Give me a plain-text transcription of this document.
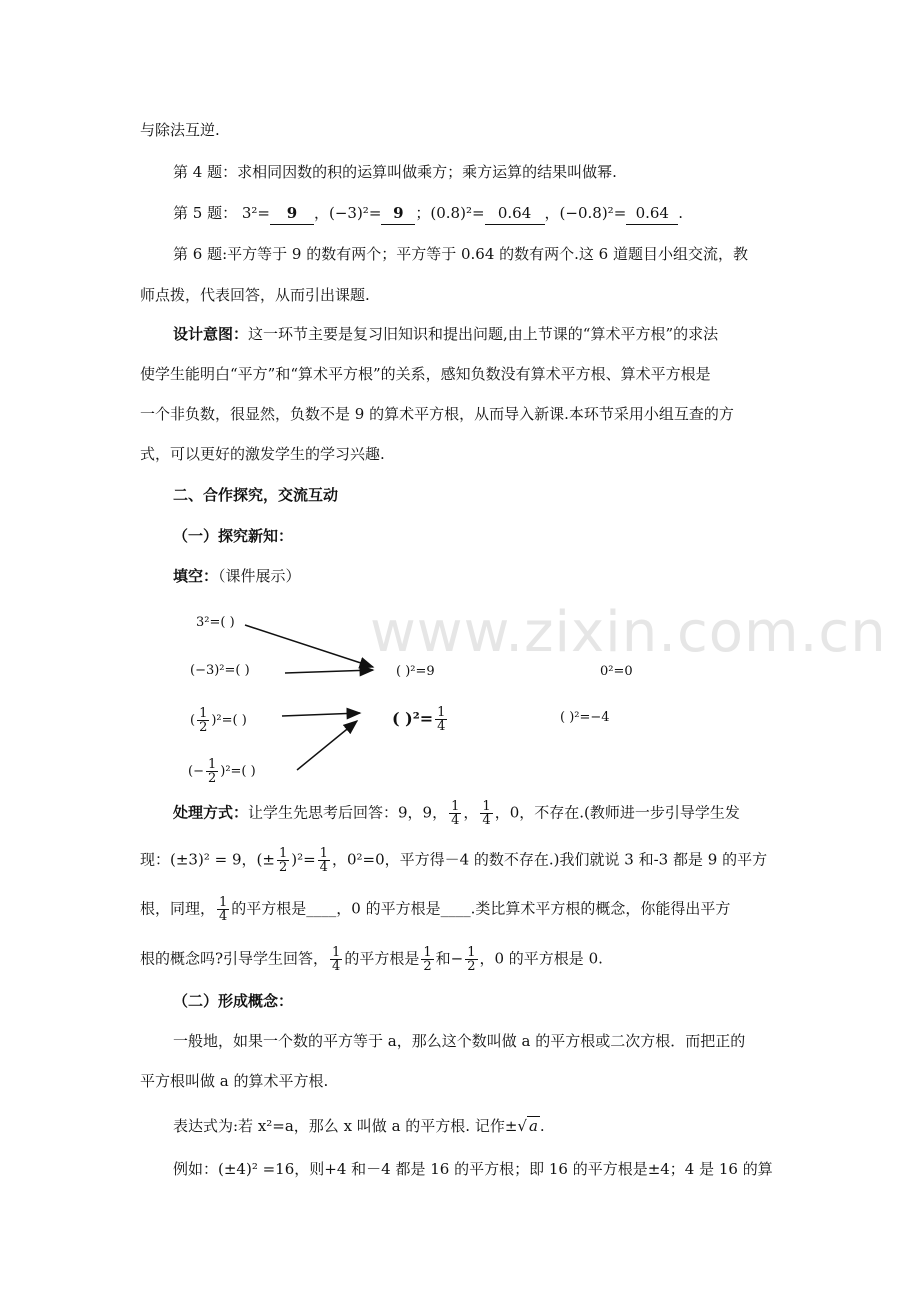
www.zixin.com.cn
与除法互逆.
第 4 题：求相同因数的积的运算叫做乘方；乘方运算的结果叫做幂.
第 5 题： 3²= 9 ，(−3)²= 9 ；(0.8)²= 0.64 ，(−0.8)²= 0.64 .
第 6 题:平方等于 9 的数有两个；平方等于 0.64 的数有两个.这 6 道题目小组交流，教
师点拨，代表回答，从而引出课题.
设计意图：这一环节主要是复习旧知识和提出问题,由上节课的“算术平方根”的求法
使学生能明白“平方”和“算术平方根”的关系，感知负数没有算术平方根、算术平方根是
一个非负数，很显然，负数不是 9 的算术平方根，从而导入新课.本环节采用小组互查的方
式，可以更好的激发学生的学习兴趣.
二、合作探究，交流互动
（一）探究新知：
填空：（课件展示）
3²=( )
(−3)²=( )
( $\frac{1}{2} )^2=$( )
(− $\frac{1}{2} )^2=$( )
( )²=9
( )$^2= \frac{1}{4}$
0²=0
( )²=−4
处理方式：让学生先思考后回答：9，9， $\frac{1}{4}$ ， $\frac{1}{4}$ ，0，不存在.(教师进一步引导学生发
现：(±3)² = 9，(± $\frac{1}{2} )^2= \frac{1}{4}$ ，0²=0，平方得－4 的数不存在.)我们就说 3 和-3 都是 9 的平方
根，同理， $\frac{1}{4}$ 的平方根是____，0 的平方根是____.类比算术平方根的概念，你能得出平方
根的概念吗?引导学生回答， $\frac{1}{4}$ 的平方根是 $\frac{1}{2}$ 和− $\frac{1}{2}$ ，0 的平方根是 0.
（二）形成概念：
一般地，如果一个数的平方等于 a，那么这个数叫做 a 的平方根或二次方根．而把正的
平方根叫做 a 的算术平方根.
表达式为:若 x²=a，那么 x 叫做 a 的平方根. 记作±√ a .
例如：(±4)² =16，则+4 和－4 都是 16 的平方根；即 16 的平方根是±4；4 是 16 的算
